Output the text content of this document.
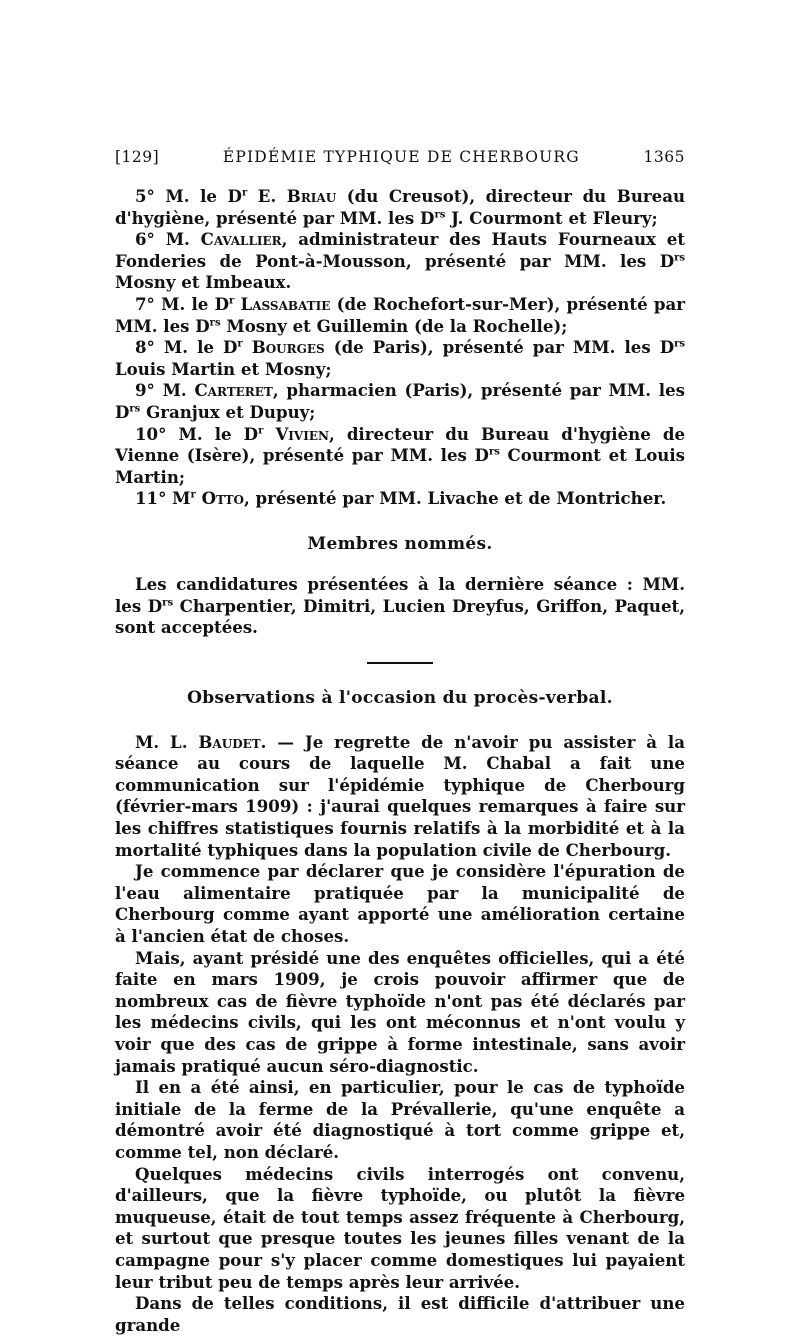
[129]	ÉPIDÉMIE TYPHIQUE DE CHERBOURG	1365

5° M. le $D^r$ E. Briau (du Creusot), directeur du Bureau d'hygiène, présenté par MM. les $D^{rs}$ J. Courmont et Fleury;

6° M. Cavallier, administrateur des Hauts Fourneaux et Fonderies de Pont-à-Mousson, présenté par MM. les $D^{rs}$ Mosny et Imbeaux.

7° M. le $D^r$ Lassabatie (de Rochefort-sur-Mer), présenté par MM. les $D^{rs}$ Mosny et Guillemin (de la Rochelle);

8° M. le $D^r$ Bourges (de Paris), présenté par MM. les $D^{rs}$ Louis Martin et Mosny;

9° M. Carteret, pharmacien (Paris), présenté par MM. les $D^{rs}$ Granjux et Dupuy;

10° M. le $D^r$ Vivien, directeur du Bureau d'hygiène de Vienne (Isère), présenté par MM. les $D^{rs}$ Courmont et Louis Martin;

11° $M^r$ Otto, présenté par MM. Livache et de Montricher.

Membres nommés.

Les candidatures présentées à la dernière séance : MM. les $D^{rs}$ Charpentier, Dimitri, Lucien Dreyfus, Griffon, Paquet, sont acceptées.

Observations à l'occasion du procès-verbal.

M. L. Baudet. — Je regrette de n'avoir pu assister à la séance au cours de laquelle M. Chabal a fait une communication sur l'épidémie typhique de Cherbourg (février-mars 1909) : j'aurai quelques remarques à faire sur les chiffres statistiques fournis relatifs à la morbidité et à la mortalité typhiques dans la population civile de Cherbourg.

Je commence par déclarer que je considère l'épuration de l'eau alimentaire pratiquée par la municipalité de Cherbourg comme ayant apporté une amélioration certaine à l'ancien état de choses.

Mais, ayant présidé une des enquêtes officielles, qui a été faite en mars 1909, je crois pouvoir affirmer que de nombreux cas de fièvre typhoïde n'ont pas été déclarés par les médecins civils, qui les ont méconnus et n'ont voulu y voir que des cas de grippe à forme intestinale, sans avoir jamais pratiqué aucun séro-diagnostic.

Il en a été ainsi, en particulier, pour le cas de typhoïde initiale de la ferme de la Prévallerie, qu'une enquête a démontré avoir été diagnostiqué à tort comme grippe et, comme tel, non déclaré.

Quelques médecins civils interrogés ont convenu, d'ailleurs, que la fièvre typhoïde, ou plutôt la fièvre muqueuse, était de tout temps assez fréquente à Cherbourg, et surtout que presque toutes les jeunes filles venant de la campagne pour s'y placer comme domestiques lui payaient leur tribut peu de temps après leur arrivée.

Dans de telles conditions, il est difficile d'attribuer une grande
